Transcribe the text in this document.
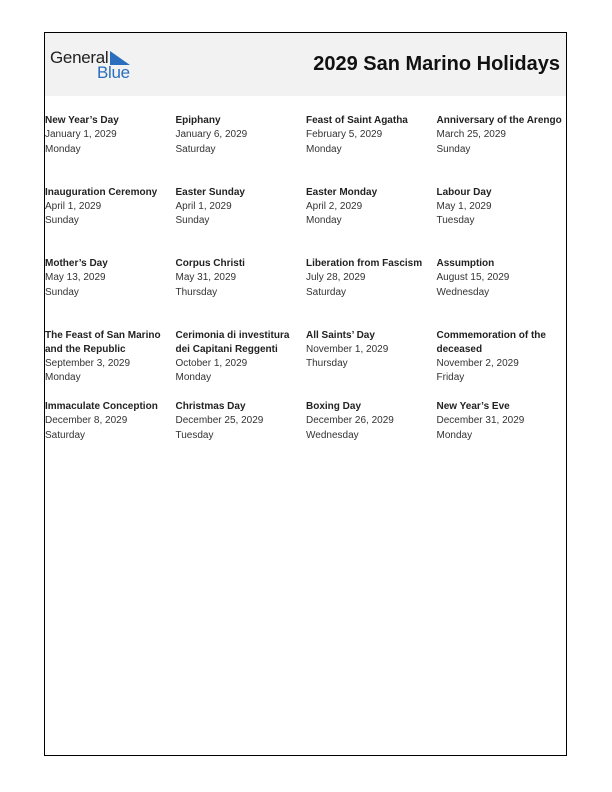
General
Blue	2029 San Marino Holidays
New Year’s Day
January 1, 2029
Monday
Epiphany
January 6, 2029
Saturday
Feast of Saint Agatha
February 5, 2029
Monday
Anniversary of the Arengo
March 25, 2029
Sunday
Inauguration Ceremony
April 1, 2029
Sunday
Easter Sunday
April 1, 2029
Sunday
Easter Monday
April 2, 2029
Monday
Labour Day
May 1, 2029
Tuesday
Mother’s Day
May 13, 2029
Sunday
Corpus Christi
May 31, 2029
Thursday
Liberation from Fascism
July 28, 2029
Saturday
Assumption
August 15, 2029
Wednesday
The Feast of San Marino and the Republic
September 3, 2029
Monday
Cerimonia di investitura dei Capitani Reggenti
October 1, 2029
Monday
All Saints’ Day
November 1, 2029
Thursday
Commemoration of the deceased
November 2, 2029
Friday
Immaculate Conception
December 8, 2029
Saturday
Christmas Day
December 25, 2029
Tuesday
Boxing Day
December 26, 2029
Wednesday
New Year’s Eve
December 31, 2029
Monday
